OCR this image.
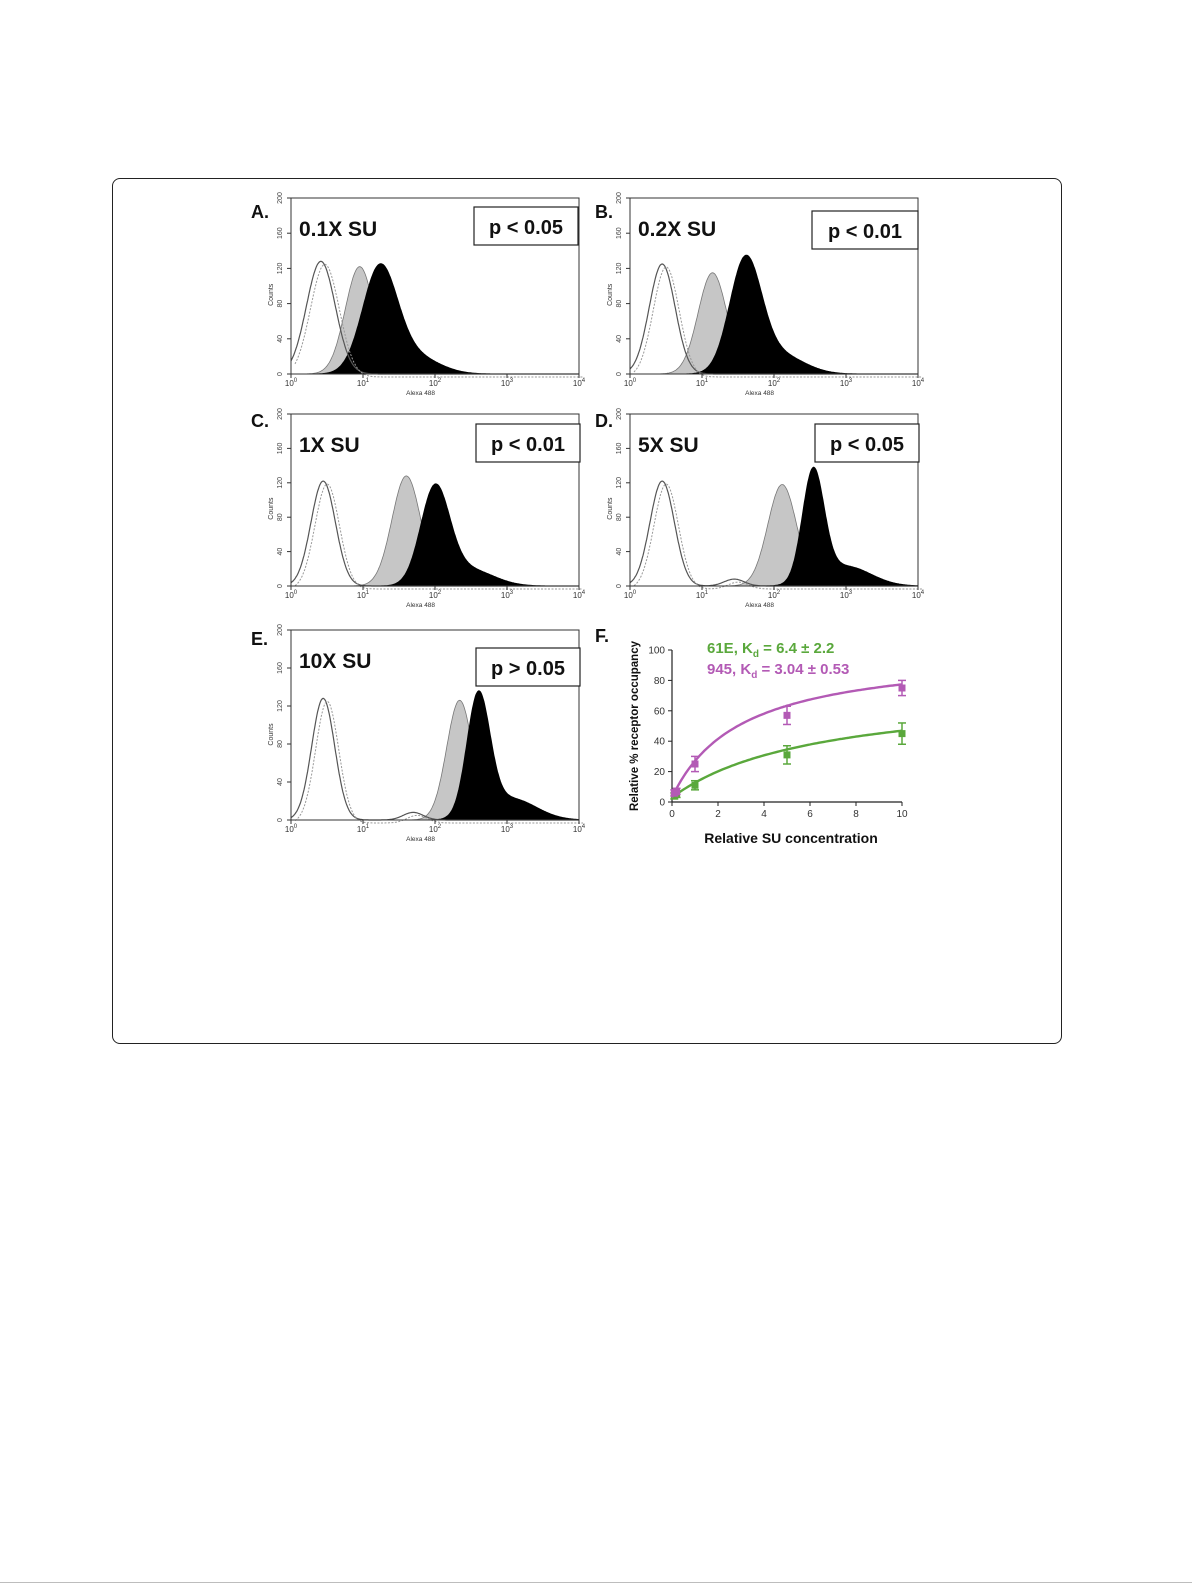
0
40
80
120
160
200
$10^0$	$10^1$	$10^2$	$10^3$	$10^4$
Alexa 488
Counts
0.1X SU
A.
p < 0.05
0
40
80
120
160
200
$10^0$	$10^1$	$10^2$	$10^3$	$10^4$
Alexa 488
Counts
0.2X SU
B.
p < 0.01
0
40
80
120
160
200
$10^0$	$10^1$	$10^2$	$10^3$	$10^4$
Alexa 488
Counts
1X SU
C.
p < 0.01
0
40
80
120
160
200
$10^0$	$10^1$	$10^2$	$10^3$	$10^4$
Alexa 488
Counts
5X SU
D.
p < 0.05
0
40
80
120
160
200
$10^0$	$10^1$	$10^2$	$10^3$	$10^4$
Alexa 488
Counts
10X SU
E.
p > 0.05
F.
0
20
40
60
80
100
0	2	4	6	8	10
Relative SU concentration
Relative % receptor occupancy	61E, $K_d = 6.4 \pm 2.2$
945, $K_d = 3.04 \pm 0.53$
